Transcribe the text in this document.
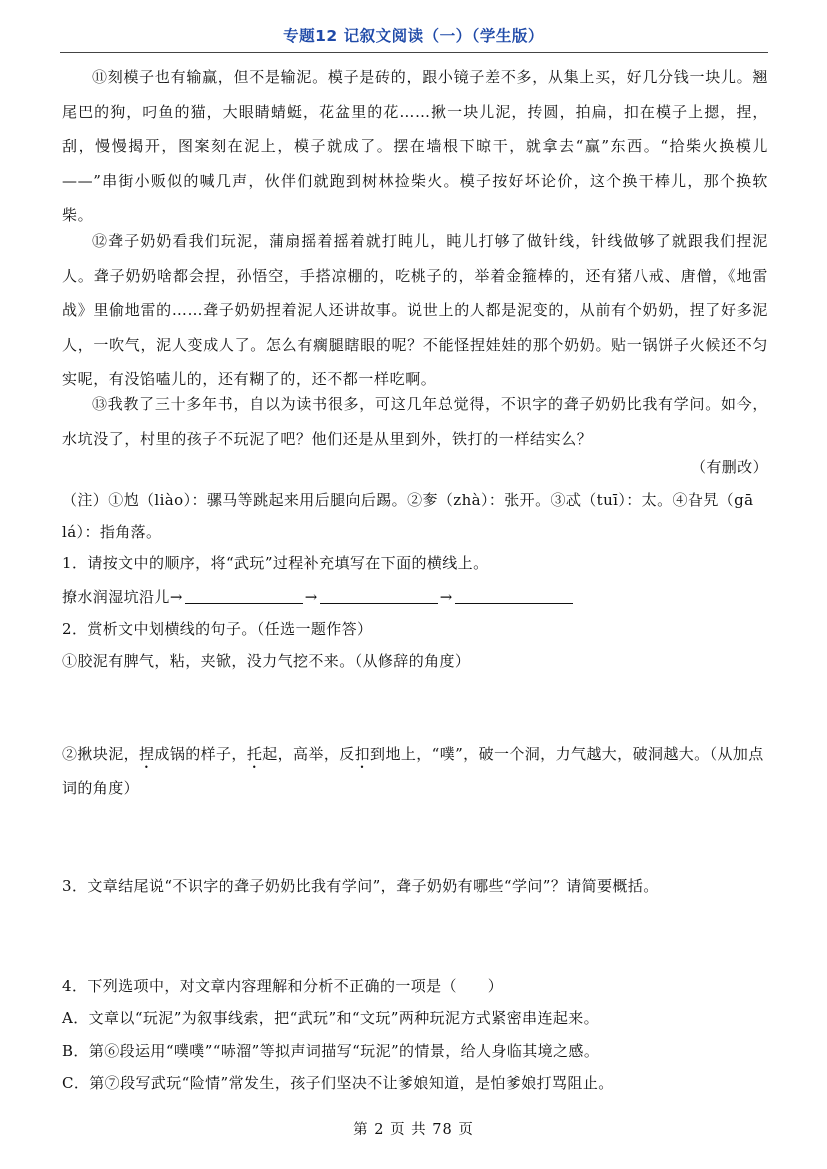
专题12 记叙文阅读（一）（学生版）

⑪刻模子也有输赢，但不是输泥。模子是砖的，跟小镜子差不多，从集上买，好几分钱一块儿。翘尾巴的狗，叼鱼的猫，大眼睛蜻蜓，花盆里的花……揪一块儿泥，抟圆，拍扁，扣在模子上摁，捏，刮，慢慢揭开，图案刻在泥上，模子就成了。摆在墙根下晾干，就拿去“赢”东西。“拾柴火换模儿——”串街小贩似的喊几声，伙伴们就跑到树林捡柴火。模子按好坏论价，这个换干棒儿，那个换软柴。

⑫聋子奶奶看我们玩泥，蒲扇摇着摇着就打盹儿，盹儿打够了做针线，针线做够了就跟我们捏泥人。聋子奶奶啥都会捏，孙悟空，手搭凉棚的，吃桃子的，举着金箍棒的，还有猪八戒、唐僧，《地雷战》里偷地雷的……聋子奶奶捏着泥人还讲故事。说世上的人都是泥变的，从前有个奶奶，捏了好多泥人，一吹气，泥人变成人了。怎么有瘸腿瞎眼的呢？不能怪捏娃娃的那个奶奶。贴一锅饼子火候还不匀实呢，有没馅嗑儿的，还有糊了的，还不都一样吃啊。

⑬我教了三十多年书，自以为读书很多，可这几年总觉得，不识字的聋子奶奶比我有学问。如今，水坑没了，村里的孩子不玩泥了吧？他们还是从里到外，铁打的一样结实么？

（有删改）

（注）①尥（liào）：骡马等跳起来用后腿向后踢。②奓（zhà）：张开。③忒（tuī）：太。④旮旯（gā lá）：指角落。

1．请按文中的顺序，将“武玩”过程补充填写在下面的横线上。

撩水润湿坑沿儿→	→	→

2．赏析文中划横线的句子。（任选一题作答）

①胶泥有脾气，粘，夹锨，没力气挖不来。（从修辞的角度）

②揪块泥，捏成锅的样子，托起，高举，反扣到地上，“噗”，破一个洞，力气越大，破洞越大。（从加点词的角度）

3．文章结尾说“不识字的聋子奶奶比我有学问”，聋子奶奶有哪些“学问”？请简要概括。

4．下列选项中，对文章内容理解和分析不正确的一项是（　　）

A．文章以“玩泥”为叙事线索，把“武玩”和“文玩”两种玩泥方式紧密串连起来。

B．第⑥段运用“噗噗”“哧溜”等拟声词描写“玩泥”的情景，给人身临其境之感。

C．第⑦段写武玩“险情”常发生，孩子们坚决不让爹娘知道，是怕爹娘打骂阻止。

第 2 页 共 78 页
